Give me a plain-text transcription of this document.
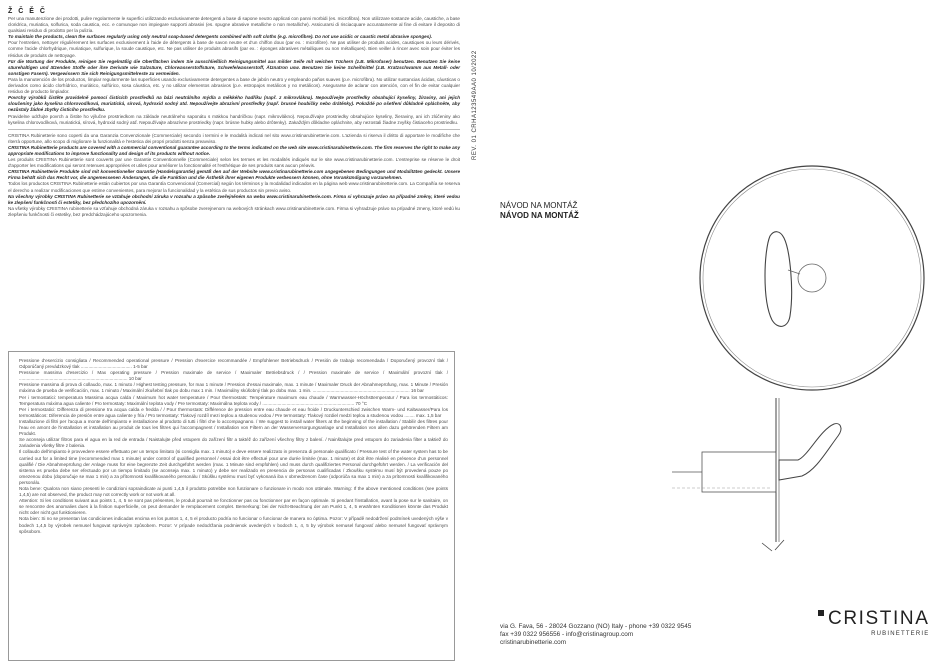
Ž Č Ě Č

Per una manutenzione dei prodotti, pulire regolarmente le superfici utilizzando esclusivamente detergenti a base di sapone neutro applicati con panni morbidi (es. microfibra). Non utilizzare sostanze acide, caustiche, a base cloridrica, muriatica, solfurica, soda caustica, ecc. e comunque non impiegare supporti abrasivi (es. spugne abrasive metalliche o non metalliche). Assicurarsi di risciacquare accuratamente al fine di evitare il deposito di qualsiasi residuo di prodotto per la pulizia.

To maintain the products, clean the surfaces regularly using only neutral soap-based detergents combined with soft cloths (e.g. microfibre). Do not use acidic or caustic metal abrasive sponges).

Pour l'entretien, nettoyer régulièrement les surfaces exclusivement à l'aide de détergents à base de savon neutre et d'un chiffon doux (par ex. : microfibre). Ne pas utiliser de produits acides, caustiques ou leurs dérivés, comme l'acide chlorhydrique, muriatique, sulfurique, la soude caustique, etc. Ne pas utiliser de produits abrasifs (par ex. : éponges abrasives métalliques ou non métalliques). Bien veiller à rincer avec soin pour éviter les résidus de produits de nettoyage.

Für die Wartung der Produkte, reinigen Sie regelmäßig die Oberflächen indem Sie ausschließlich Reinigungsmittel aus milder Seife mit weichen Tüchern (z.B. Mikrofaser) benutzen. Benutzen Sie keine säurehaltigen und ätzenden Stoffe oder ihre Derivate wie Salzsäure, Chlorwasserstoffsäure, Schwefelwasserstoff, Ätznatron usw. Benutzen Sie keine Scheifmittel (z.B. Kratzschwamm aus Metall- oder sonstigen Fasern). Vergewissern Sie sich Reinigungsmittelreste zu vermeiden.

Para la manutención de los productos, limpiar regularmente las superficies usando exclusivamente detergentes a base de jabón neutro y empleando paños suaves (p.e. microfibra). No utilizar sustancias ácidas, cáusticas o derivados como ácido clorhídrico, muriático, sulfúrico, sosa cáustica, etc. y no utilizar elementos abrasivos (p.e. estropajos metálicos y no metálicos). Asegurarse de aclarar con atención, con el fin de evitar cualquier residuo de producto limpiador.

Povrchy výrobků čistěte pravidelně pomocí čisticích prostředků na bázi neutrálního mýdla a měkkého hadříku (např. z mikrovlákna). Nepoužívejte prostředky obsahující kyseliny, žíraviny, ani jejich sloučeniny jako kyselina chlorovodíková, muriatická, sírová, hydroxid sodný atd. Nepoužívejte abrazivní prostředky (např. brusné houbičky nebo drátěnky). Pokaždé po ošetření důkladně opláchněte, aby nezůstaly žádné zbytky čisticího prostředku.

Pravidelne udržujte povrch a čistite ho výlučne prostriedkom na základe neutrálneho saponátu s mäkkou handričkou (napr. mikrovlákno). Nepoužívajte prostriedky obsahujúce kyseliny, žieraviny, ani ich zlúčeniny ako kyselina chlorovodíková, muriatická, sírová, hydroxid sodný atď. Nepoužívajte abrazívne prostriedky (napr. brúsne hubky alebo drôtenky). Zakaždým dôkladne opláchnite, aby nezostali žiadne zvyšky čistiaceho prostriedku.

CRISTINA Rubinetterie sono coperti da una Garanzia Convenzionale (Commerciale) secondo i termini e le modalità indicati nel sito www.cristinarubinetterie.com. L'azienda si riserva il diritto di apportare le modifiche che riterrà opportune, allo scopo di migliorare la funzionalità e l'estetica dei propri prodotti senza preavviso.

CRISTINA Rubinetterie products are covered with a commercial conventional guarantee according to the terms indicated on the web site www.cristinarubinetterie.com. The firm reserves the right to make any appropriate modifications to improve functionality and design of its products without notice.

Les produits CRISTINA Rubinetterie sont couverts par une Garantie Conventionnelle (Commerciale) selon les termes et les modalités indiqués sur le site www.cristinarubinetterie.com. L'entreprise se réserve le droit d'apporter les modifications qui seront retenues appropriées et utiles pour améliorer la fonctionnalité et l'esthétique de ses produits sans aucun préavis.

CRISTINA Rubinetterie Produkte sind mit konventioneller Garantie (Handelsgarantie) gemäß den auf der Website www.cristinarubinetterie.com angegebenen Bedingungen und Modalitäten gedeckt. Unsere Firma behält sich das Recht vor, die angemessenen Änderungen, die die Funktion und die Ästhetik ihrer eigenen Produkte verbessern können, ohne Vorankündigung vorzunehmen.

Todos los productos CRISTINA Rubinetterie están cubiertos por una Garantía Convencional (Comercial) según los términos y la modalidad indicados en la página web www.cristinarubinetterie.com. La Compañía se reserva el derecho a realizar modificaciones que estime convenientes, para mejorar la funcionalidad y la estética de sus productos sin previo aviso.

Na všechny výrobky CRISTINA Rubinetterie se vztahuje obchodní záruka v rozsahu a způsobe zveřejněném na webu www.cristinarubinetterie.com. Firma si vyhrazuje právo na případné změny, které vedou ke zlepšení funkčnosti či estetiky, bez předchozího upozornění.

Na všetky výrobky CRISTINA rubinetterie sa vzťahuje obchodná záruka v rozsahu a spôsobe zverejnenom na webových stránkach www.cristinarubinetterie.com. Firma si vyhradzuje právo na prípadné zmeny, ktoré vedú ku zlepšeniu funkčnosti či estetiky, bez predchádzajúceho upozornenia.

Pressione d'esercizio consigliata / Recommended operational pressure / Pression d'exercice recommandée / Empfohlener Betriebsdruck / Presión de trabajo recomendada / Doporučený provozní tlak / Odporúčaný prevádzkový tlak ........................................ 1-5 bar

Pressione massima d'esercizio / Max operating pressure / Pression maximale de service / Maximaler Betriebsdruck / / Pression maximale de service / Maximální provozní tlak / ..................................................................................... 10 bar

Pressione massima di prova di collaudo, max. 1 minuto / Highest testing pressure, for max 1 minute / Pression d'essai maximale, max. 1 minute / Maximaler Druck der Abnahmeprüfung, max. 1 Minute / Presión máxima de prueba de verificación, max. 1 minuto / Maximální zkušební tlak po dobu max 1 min. / Maximálny skúšobný tlak po dobu max. 1 min. ............................................................................ 16 bar

Per i termostatici: temperatura Massima acqua calda / Maximum hot water temperature / Pour thermostats: Température maximum eau chaude / Warmwasser-Höchsttemperatur / Para los termostáticos: Temperatura máxima agua caliente / Pro termostaty: Maximální teplota vody / Pre termostaty: Maximálna teplota vody / ........................................................................ 70 °C

Per i termostatici: Differenza di pressione tra acqua calda e fredda / / Pour thermostats: Différence de pression entre eau chaude et eau froide / Druckunterschied zwischen Warm- und Kaltwasser/Para los termostáticos: Diferencia de presión entre agua caliente y fría / Pro termostaty: Tlakový rozdíl mezi teplou a studenou vodou / Pre termostaty: Tlakový rozdiel medzi teplou a studenou vodou ........ max. 1,5 bar

Installazione di filtri per l'acqua a monte dell'impianto e installazione al prodotto di tutti i filtri che lo accompagnano. / We suggest to install water filters at the beginning of the installation / Stabilir des filtres pour l'eau en amont de l'installation et installation au produit de tous les filtres qui l'accompagnent / Installation von Filtern an der Wasserversorgungsanlage und Installation von allen dazu gehörenden Filtern am Produkt.

Se aconseja utilizar filtros para el agua en la red de entrada / Naistalujte před vstupem do zařízení filtr a taktéž do zařízení všechny filtry z balení. / Nainštalujte pred vstupom do zariadenia filter a taktiež do zariadenia všetky filtre z balenia.

Il collaudo dell'impianto è provvedere essere effettuato per un tempo limitato (si consiglia max. 1 minuto) e deve essere realizzato in presenza di personale qualificato / Pressure test of the water system has to be carried out for a limited time (recommended max 1 minute) under control of qualified personnel / essai doit être effectué pour une durée limitée (max. 1 minute) et doit être réalisé en présence d'un personnel qualifié / Die Abnahmeprüfung der Anlage muss für eine begrenzte Zeit durchgeführt werden (max. 1 Minute sind empfohlen) und muss durch qualifiziertes Personal durchgeführt werden. / La verificación del sistema es prueba debe ser efectuado por un tiempo limitado (se aconseja max. 1 minuto) y debe ser realizado en presencia de personas cualificadas / Zkoušku systému musí být provedená pouze po omezenou dobu (doporučuje se max 1 min) a za přítomnosti kvalifikovaného personálu / Skúšku systému musí byť vykonaná iba v obmedzenom čase (odporúča sa max 1 min) a za prítomnosti kvalifikovaného personálu.

Nota bene: Qualora non siano presenti le condizioni sopraindicate ai punti 1,4,5 il prodotto potrebbe non funzionare o funzionare in modo non ottimale. Warning: If the above mentioned conditions (see points 1,4,5) are not observed, the product may not correctly work or not work at all.

Attention: Si les conditions suivant aux points 1, 4, 5 ne sont pas présentes, le produit pourrait ne fonctionner pas ou fonctionner par en façon optimale. Si pendant l'installation, avant la pose sur le sanitaire, on se rencontre des anomalies dues à la finition superficielle, on peut demander le remplacement complet. Bemerkung: bei der Nicht-Beachtung der am Punkt 1, 4, 5 erwähnten Konditionen könnte das Produkt nicht oder nicht gut funktionieren.

Nota bien: Si no se presentan las condiciones indicadas encima en los puntos 1, 4, 5 el producto podría no funcionar o funcionar de manera no óptima. Pozor: V případě nedodržení podmínek uvedených výše v bodech 1,4,5 by výrobek nemusel fungovat správným způsobem. Pozor: V prípade nedodržania podmienok uvedených v bodoch 1, 4, 5 by výrobok nemusel fungovať alebo nemusel fungovať správnym spôsobom.

REV. 01 CRHA123549AA0 10/2022
NÁVOD NA MONTÁŽ
NÁVOD NA MONTÁŽ
via G. Fava, 56 - 28024 Gozzano (NO) Italy - phone +39 0322 9545
fax +39 0322 956556 - info@cristinagroup.com
cristinarubinetterie.com
CRISTINA
RUBINETTERIE
